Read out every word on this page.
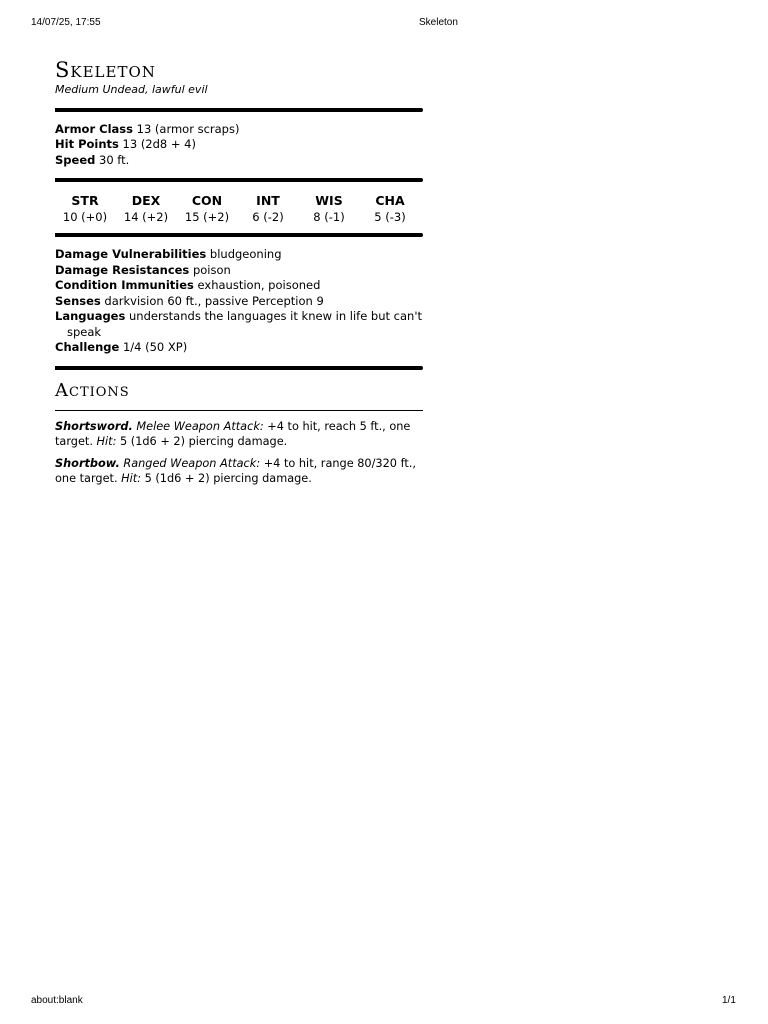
14/07/25, 17:55	Skeleton
Skeleton
Medium Undead, lawful evil
Armor Class 13 (armor scraps)
Hit Points 13 (2d8 + 4)
Speed 30 ft.
STR
10 (+0)
DEX
14 (+2)
CON
15 (+2)
INT
6 (-2)
WIS
8 (-1)
CHA
5 (-3)
Damage Vulnerabilities bludgeoning
Damage Resistances poison
Condition Immunities exhaustion, poisoned
Senses darkvision 60 ft., passive Perception 9
Languages understands the languages it knew in life but can't speak
Challenge 1/4 (50 XP)
Actions
Shortsword. Melee Weapon Attack: +4 to hit, reach 5 ft., one target. Hit: 5 (1d6 + 2) piercing damage.
Shortbow. Ranged Weapon Attack: +4 to hit, range 80/320 ft., one target. Hit: 5 (1d6 + 2) piercing damage.
about:blank	1/1
